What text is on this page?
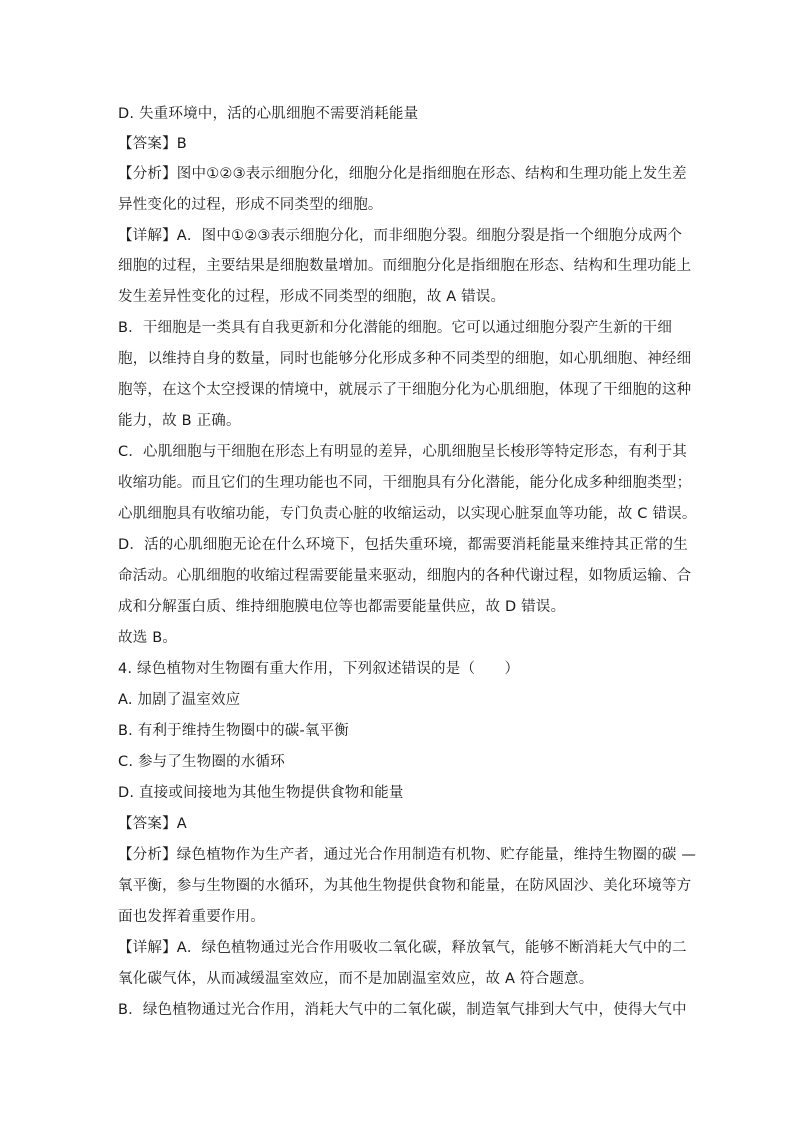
D. 失重环境中，活的心肌细胞不需要消耗能量
【答案】B
【分析】图中①②③表示细胞分化，细胞分化是指细胞在形态、结构和生理功能上发生差
异性变化的过程，形成不同类型的细胞。
【详解】A．图中①②③表示细胞分化，而非细胞分裂。细胞分裂是指一个细胞分成两个
细胞的过程，主要结果是细胞数量增加。而细胞分化是指细胞在形态、结构和生理功能上
发生差异性变化的过程，形成不同类型的细胞，故 A 错误。
B．干细胞是一类具有自我更新和分化潜能的细胞。它可以通过细胞分裂产生新的干细
胞，以维持自身的数量，同时也能够分化形成多种不同类型的细胞，如心肌细胞、神经细
胞等，在这个太空授课的情境中，就展示了干细胞分化为心肌细胞，体现了干细胞的这种
能力，故 B 正确。
C．心肌细胞与干细胞在形态上有明显的差异，心肌细胞呈长梭形等特定形态，有利于其
收缩功能。而且它们的生理功能也不同，干细胞具有分化潜能，能分化成多种细胞类型；
心肌细胞具有收缩功能，专门负责心脏的收缩运动，以实现心脏泵血等功能，故 C 错误。
D．活的心肌细胞无论在什么环境下，包括失重环境，都需要消耗能量来维持其正常的生
命活动。心肌细胞的收缩过程需要能量来驱动，细胞内的各种代谢过程，如物质运输、合
成和分解蛋白质、维持细胞膜电位等也都需要能量供应，故 D 错误。
故选 B。
4. 绿色植物对生物圈有重大作用，下列叙述错误的是（　　）
A. 加剧了温室效应
B. 有利于维持生物圈中的碳-氧平衡
C. 参与了生物圈的水循环
D. 直接或间接地为其他生物提供食物和能量
【答案】A
【分析】绿色植物作为生产者，通过光合作用制造有机物、贮存能量，维持生物圈的碳 —
氧平衡，参与生物圈的水循环，为其他生物提供食物和能量，在防风固沙、美化环境等方
面也发挥着重要作用。
【详解】A．绿色植物通过光合作用吸收二氧化碳，释放氧气，能够不断消耗大气中的二
氧化碳气体，从而减缓温室效应，而不是加剧温室效应，故 A 符合题意。
B．绿色植物通过光合作用，消耗大气中的二氧化碳，制造氧气排到大气中，使得大气中
